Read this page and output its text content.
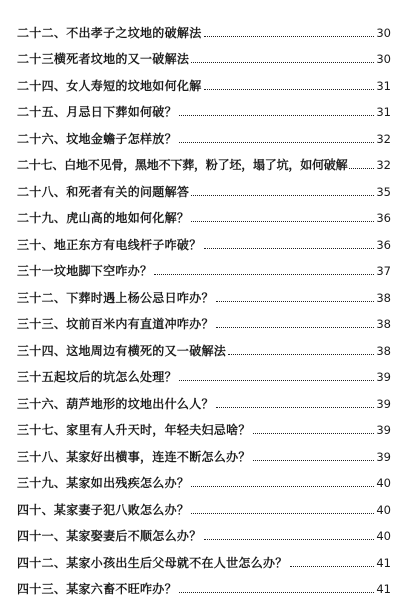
二十二、不出孝子之坟地的破解法	30
二十三横死者坟地的又一破解法	30
二十四、女人寿短的坟地如何化解	31
二十五、月忌日下葬如何破？	31
二十六、坟地金蟾子怎样放？	32
二十七、白地不见骨，黑地不下葬，粉了坯，塌了坑，如何破解	32
二十八、和死者有关的问题解答	35
二十九、虎山高的地如何化解？	36
三十、地正东方有电线杆子咋破？	36
三十一坟地脚下空咋办？	37
三十二、下葬时遇上杨公忌日咋办？	38
三十三、坟前百米内有直道冲咋办？	38
三十四、这地周边有横死的又一破解法	38
三十五起坟后的坑怎么处理？	39
三十六、葫芦地形的坟地出什么人？	39
三十七、家里有人升天时，年轻夫妇忌啥？	39
三十八、某家好出横事，连连不断怎么办？	39
三十九、某家如出残疾怎么办？	40
四十、某家妻子犯八败怎么办？	40
四十一、某家娶妻后不顺怎么办？	40
四十二、某家小孩出生后父母就不在人世怎么办？	41
四十三、某家六畜不旺咋办？	41
